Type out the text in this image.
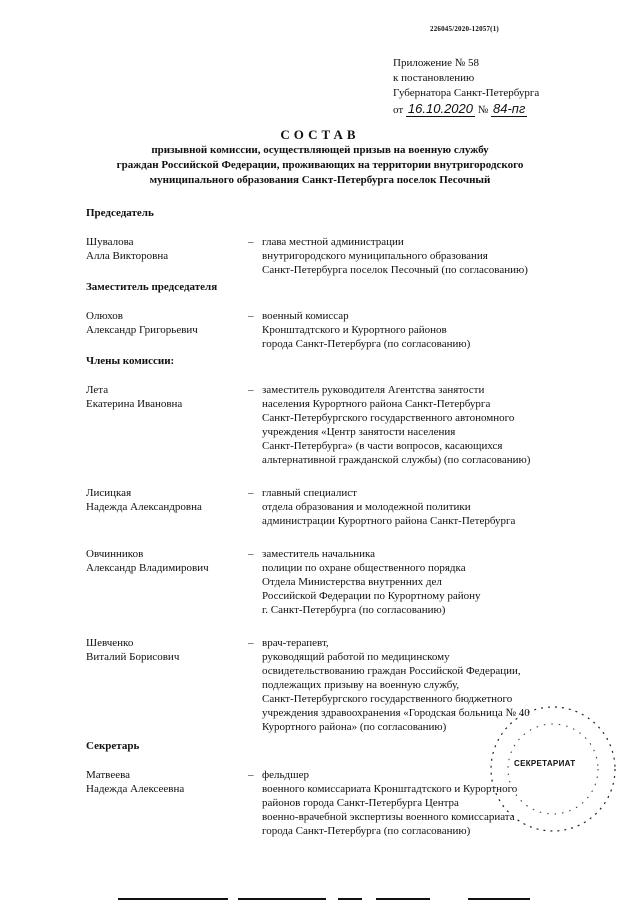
226045/2020-12057(1)
Приложение № 58
к постановлению
Губернатора Санкт-Петербурга
от 16.10.2020 № 84-пг
СОСТАВ
призывной комиссии, осуществляющей призыв на военную службу
граждан Российской Федерации, проживающих на территории внутригородского
муниципального образования Санкт-Петербурга поселок Песочный
Председатель
Шувалова
Алла Викторовна
– глава местной администрации
внутригородского муниципального образования
Санкт-Петербурга поселок Песочный (по согласованию)
Заместитель председателя
Олюхов
Александр Григорьевич
– военный комиссар
Кронштадтского и Курортного районов
города Санкт-Петербурга (по согласованию)
Члены комиссии:
Лета
Екатерина Ивановна
– заместитель руководителя Агентства занятости
населения Курортного района Санкт-Петербурга
Санкт-Петербургского государственного автономного
учреждения «Центр занятости населения
Санкт-Петербурга» (в части вопросов, касающихся
альтернативной гражданской службы) (по согласованию)
Лисицкая
Надежда Александровна
– главный специалист
отдела образования и молодежной политики
администрации Курортного района Санкт-Петербурга
Овчинников
Александр Владимирович
– заместитель начальника
полиции по охране общественного порядка
Отдела Министерства внутренних дел
Российской Федерации по Курортному району
г. Санкт-Петербурга (по согласованию)
Шевченко
Виталий Борисович
– врач-терапевт,
руководящий работой по медицинскому
освидетельствованию граждан Российской Федерации,
подлежащих призыву на военную службу,
Санкт-Петербургского государственного бюджетного
учреждения здравоохранения «Городская больница № 40
Курортного района» (по согласованию)
Секретарь
Матвеева
Надежда Алексеевна
– фельдшер
военного комиссариата Кронштадтского и Курортного
районов города Санкт-Петербурга Центра
военно-врачебной экспертизы военного комиссариата
города Санкт-Петербурга (по согласованию)
СЕКРЕТАРИАТ
